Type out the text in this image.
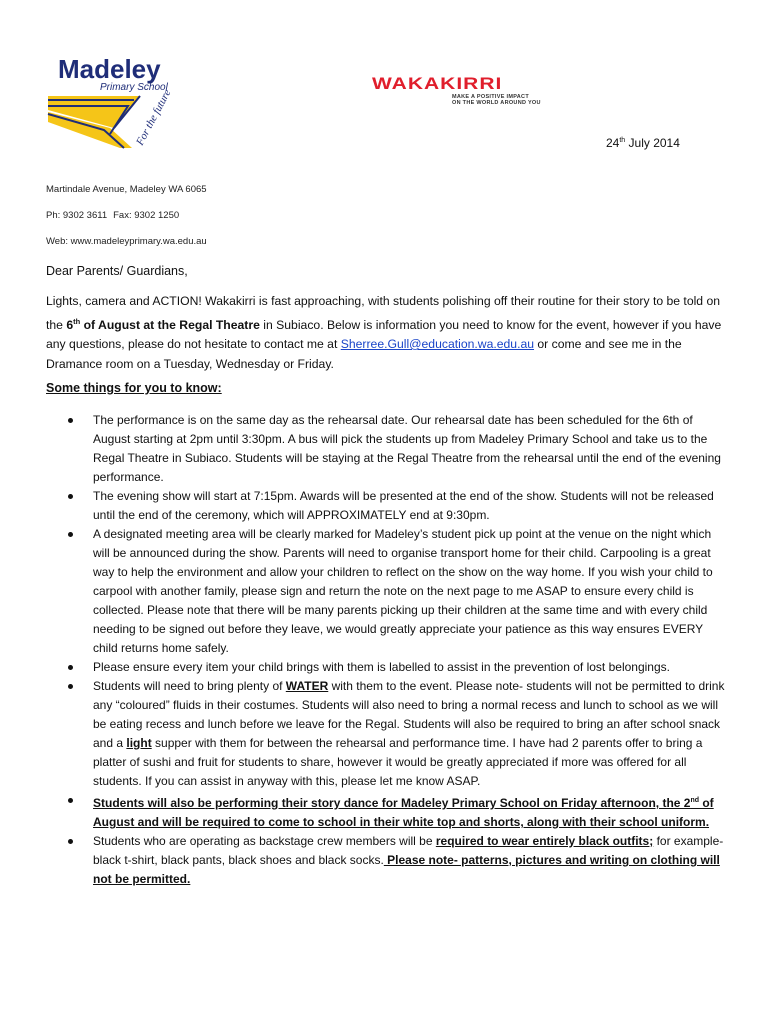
Madeley
Primary School
For the future
WAKAKIRRI
MAKE A POSITIVE IMPACT
ON THE WORLD AROUND YOU
24th July 2014
Martindale Avenue, Madeley WA 6065
Ph: 9302 3611 Fax: 9302 1250
Web: www.madeleyprimary.wa.edu.au
Dear Parents/ Guardians,
Lights, camera and ACTION! Wakakirri is fast approaching, with students polishing off their routine for their story to be told on the 6th of August at the Regal Theatre in Subiaco. Below is information you need to know for the event, however if you have any questions, please do not hesitate to contact me at Sherree.Gull@education.wa.edu.au or come and see me in the Dramance room on a Tuesday, Wednesday or Friday.
Some things for you to know:
The performance is on the same day as the rehearsal date. Our rehearsal date has been scheduled for the 6th of August starting at 2pm until 3:30pm. A bus will pick the students up from Madeley Primary School and take us to the Regal Theatre in Subiaco. Students will be staying at the Regal Theatre from the rehearsal until the end of the evening performance.
The evening show will start at 7:15pm. Awards will be presented at the end of the show. Students will not be released until the end of the ceremony, which will APPROXIMATELY end at 9:30pm.
A designated meeting area will be clearly marked for Madeley’s student pick up point at the venue on the night which will be announced during the show. Parents will need to organise transport home for their child. Carpooling is a great way to help the environment and allow your children to reflect on the show on the way home. If you wish your child to carpool with another family, please sign and return the note on the next page to me ASAP to ensure every child is collected. Please note that there will be many parents picking up their children at the same time and with every child needing to be signed out before they leave, we would greatly appreciate your patience as this way ensures EVERY child returns home safely.
Please ensure every item your child brings with them is labelled to assist in the prevention of lost belongings.
Students will need to bring plenty of WATER with them to the event. Please note- students will not be permitted to drink any “coloured” fluids in their costumes. Students will also need to bring a normal recess and lunch to school as we will be eating recess and lunch before we leave for the Regal. Students will also be required to bring an after school snack and a light supper with them for between the rehearsal and performance time. I have had 2 parents offer to bring a platter of sushi and fruit for students to share, however it would be greatly appreciated if more was offered for all students. If you can assist in anyway with this, please let me know ASAP.
Students will also be performing their story dance for Madeley Primary School on Friday afternoon, the 2nd of August and will be required to come to school in their white top and shorts, along with their school uniform.
Students who are operating as backstage crew members will be required to wear entirely black outfits; for example- black t-shirt, black pants, black shoes and black socks. Please note- patterns, pictures and writing on clothing will not be permitted.
